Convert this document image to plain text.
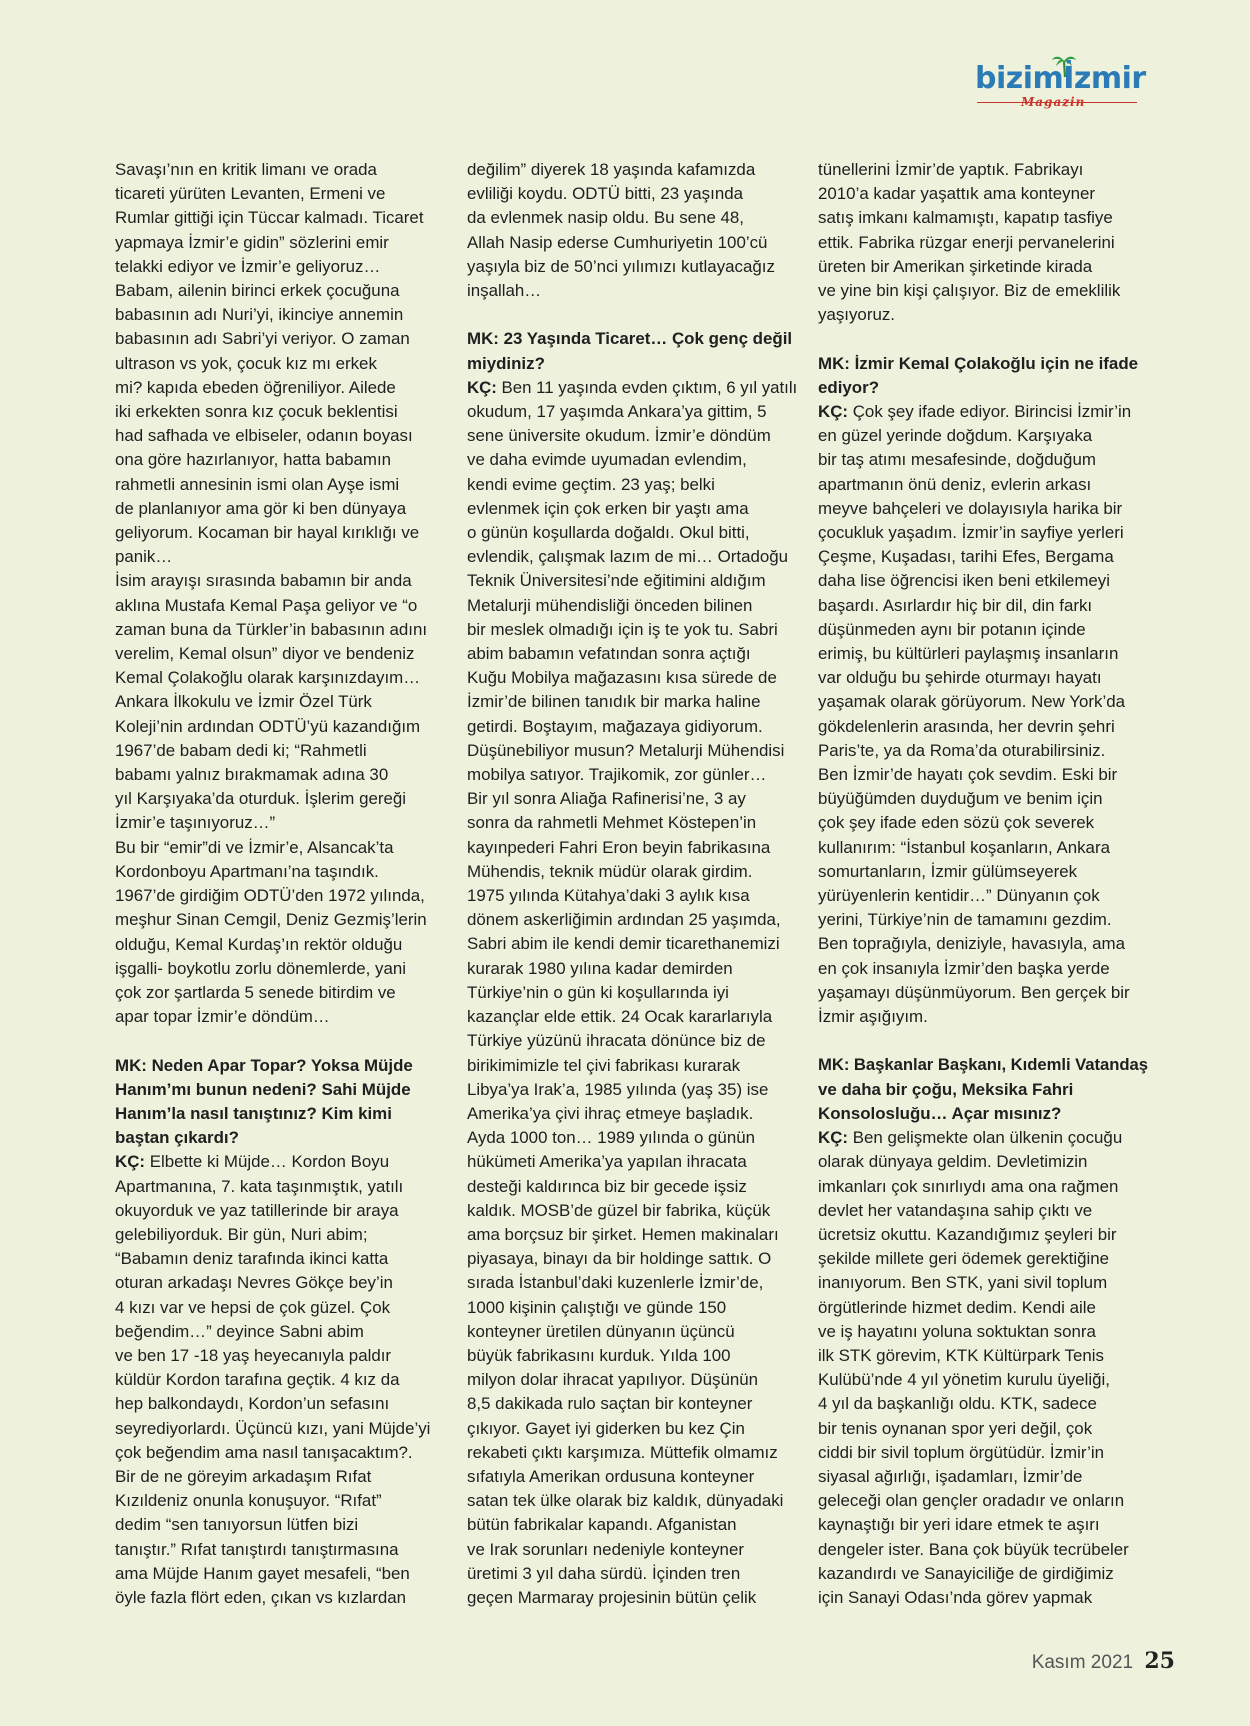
bizimİzmir
Magazin
Savaşı’nın en kritik limanı ve orada
ticareti yürüten Levanten, Ermeni ve
Rumlar gittiği için Tüccar kalmadı. Ticaret
yapmaya İzmir’e gidin” sözlerini emir
telakki ediyor ve İzmir’e geliyoruz…
Babam, ailenin birinci erkek çocuğuna
babasının adı Nuri’yi, ikinciye annemin
babasının adı Sabri’yi veriyor. O zaman
ultrason vs yok, çocuk kız mı erkek
mi? kapıda ebeden öğreniliyor. Ailede
iki erkekten sonra kız çocuk beklentisi
had safhada ve elbiseler, odanın boyası
ona göre hazırlanıyor, hatta babamın
rahmetli annesinin ismi olan Ayşe ismi
de planlanıyor ama gör ki ben dünyaya
geliyorum. Kocaman bir hayal kırıklığı ve
panik…
İsim arayışı sırasında babamın bir anda
aklına Mustafa Kemal Paşa geliyor ve “o
zaman buna da Türkler’in babasının adını
verelim, Kemal olsun” diyor ve bendeniz
Kemal Çolakoğlu olarak karşınızdayım…
Ankara İlkokulu ve İzmir Özel Türk
Koleji’nin ardından ODTÜ’yü kazandığım
1967’de babam dedi ki; “Rahmetli
babamı yalnız bırakmamak adına 30
yıl Karşıyaka’da oturduk. İşlerim gereği
İzmir’e taşınıyoruz…”
Bu bir “emir”di ve İzmir’e, Alsancak’ta
Kordonboyu Apartmanı’na taşındık.
1967’de girdiğim ODTÜ’den 1972 yılında,
meşhur Sinan Cemgil, Deniz Gezmiş’lerin
olduğu, Kemal Kurdaş’ın rektör olduğu
işgalli- boykotlu zorlu dönemlerde, yani
çok zor şartlarda 5 senede bitirdim ve
apar topar İzmir’e döndüm…
MK: Neden Apar Topar? Yoksa Müjde
Hanım’mı bunun nedeni? Sahi Müjde
Hanım’la nasıl tanıştınız? Kim kimi
baştan çıkardı?
KÇ: Elbette ki Müjde… Kordon Boyu
Apartmanına, 7. kata taşınmıştık, yatılı
okuyorduk ve yaz tatillerinde bir araya
gelebiliyorduk. Bir gün, Nuri abim;
“Babamın deniz tarafında ikinci katta
oturan arkadaşı Nevres Gökçe bey’in
4 kızı var ve hepsi de çok güzel. Çok
beğendim…” deyince Sabni abim
ve ben 17 -18 yaş heyecanıyla paldır
küldür Kordon tarafına geçtik. 4 kız da
hep balkondaydı, Kordon’un sefasını
seyrediyorlardı. Üçüncü kızı, yani Müjde’yi
çok beğendim ama nasıl tanışacaktım?.
Bir de ne göreyim arkadaşım Rıfat
Kızıldeniz onunla konuşuyor. “Rıfat”
dedim “sen tanıyorsun lütfen bizi
tanıştır.” Rıfat tanıştırdı tanıştırmasına
ama Müjde Hanım gayet mesafeli, “ben
öyle fazla flört eden, çıkan vs kızlardan
değilim” diyerek 18 yaşında kafamızda
evliliği koydu. ODTÜ bitti, 23 yaşında
da evlenmek nasip oldu. Bu sene 48,
Allah Nasip ederse Cumhuriyetin 100’cü
yaşıyla biz de 50’nci yılımızı kutlayacağız
inşallah…
MK: 23 Yaşında Ticaret… Çok genç değil
miydiniz?
KÇ: Ben 11 yaşında evden çıktım, 6 yıl yatılı
okudum, 17 yaşımda Ankara’ya gittim, 5
sene üniversite okudum. İzmir’e döndüm
ve daha evimde uyumadan evlendim,
kendi evime geçtim. 23 yaş; belki
evlenmek için çok erken bir yaştı ama
o günün koşullarda doğaldı. Okul bitti,
evlendik, çalışmak lazım de mi… Ortadoğu
Teknik Üniversitesi’nde eğitimini aldığım
Metalurji mühendisliği önceden bilinen
bir meslek olmadığı için iş te yok tu. Sabri
abim babamın vefatından sonra açtığı
Kuğu Mobilya mağazasını kısa sürede de
İzmir’de bilinen tanıdık bir marka haline
getirdi. Boştayım, mağazaya gidiyorum.
Düşünebiliyor musun? Metalurji Mühendisi
mobilya satıyor. Trajikomik, zor günler…
Bir yıl sonra Aliağa Rafinerisi’ne, 3 ay
sonra da rahmetli Mehmet Köstepen’in
kayınpederi Fahri Eron beyin fabrikasına
Mühendis, teknik müdür olarak girdim.
1975 yılında Kütahya’daki 3 aylık kısa
dönem askerliğimin ardından 25 yaşımda,
Sabri abim ile kendi demir ticarethanemizi
kurarak 1980 yılına kadar demirden
Türkiye’nin o gün ki koşullarında iyi
kazançlar elde ettik. 24 Ocak kararlarıyla
Türkiye yüzünü ihracata dönünce biz de
birikimimizle tel çivi fabrikası kurarak
Libya’ya Irak’a, 1985 yılında (yaş 35) ise
Amerika’ya çivi ihraç etmeye başladık.
Ayda 1000 ton… 1989 yılında o günün
hükümeti Amerika’ya yapılan ihracata
desteği kaldırınca biz bir gecede işsiz
kaldık. MOSB’de güzel bir fabrika, küçük
ama borçsuz bir şirket. Hemen makinaları
piyasaya, binayı da bir holdinge sattık. O
sırada İstanbul’daki kuzenlerle İzmir’de,
1000 kişinin çalıştığı ve günde 150
konteyner üretilen dünyanın üçüncü
büyük fabrikasını kurduk. Yılda 100
milyon dolar ihracat yapılıyor. Düşünün
8,5 dakikada rulo saçtan bir konteyner
çıkıyor. Gayet iyi giderken bu kez Çin
rekabeti çıktı karşımıza. Müttefik olmamız
sıfatıyla Amerikan ordusuna konteyner
satan tek ülke olarak biz kaldık, dünyadaki
bütün fabrikalar kapandı. Afganistan
ve Irak sorunları nedeniyle konteyner
üretimi 3 yıl daha sürdü. İçinden tren
geçen Marmaray projesinin bütün çelik
tünellerini İzmir’de yaptık. Fabrikayı
2010’a kadar yaşattık ama konteyner
satış imkanı kalmamıştı, kapatıp tasfiye
ettik. Fabrika rüzgar enerji pervanelerini
üreten bir Amerikan şirketinde kirada
ve yine bin kişi çalışıyor. Biz de emeklilik
yaşıyoruz.
MK: İzmir Kemal Çolakoğlu için ne ifade
ediyor?
KÇ: Çok şey ifade ediyor. Birincisi İzmir’in
en güzel yerinde doğdum. Karşıyaka
bir taş atımı mesafesinde, doğduğum
apartmanın önü deniz, evlerin arkası
meyve bahçeleri ve dolayısıyla harika bir
çocukluk yaşadım. İzmir’in sayfiye yerleri
Çeşme, Kuşadası, tarihi Efes, Bergama
daha lise öğrencisi iken beni etkilemeyi
başardı. Asırlardır hiç bir dil, din farkı
düşünmeden aynı bir potanın içinde
erimiş, bu kültürleri paylaşmış insanların
var olduğu bu şehirde oturmayı hayatı
yaşamak olarak görüyorum. New York’da
gökdelenlerin arasında, her devrin şehri
Paris’te, ya da Roma’da oturabilirsiniz.
Ben İzmir’de hayatı çok sevdim. Eski bir
büyüğümden duyduğum ve benim için
çok şey ifade eden sözü çok severek
kullanırım: “İstanbul koşanların, Ankara
somurtanların, İzmir gülümseyerek
yürüyenlerin kentidir…” Dünyanın çok
yerini, Türkiye’nin de tamamını gezdim.
Ben toprağıyla, deniziyle, havasıyla, ama
en çok insanıyla İzmir’den başka yerde
yaşamayı düşünmüyorum. Ben gerçek bir
İzmir aşığıyım.
MK: Başkanlar Başkanı, Kıdemli Vatandaş
ve daha bir çoğu, Meksika Fahri
Konsolosluğu… Açar mısınız?
KÇ: Ben gelişmekte olan ülkenin çocuğu
olarak dünyaya geldim. Devletimizin
imkanları çok sınırlıydı ama ona rağmen
devlet her vatandaşına sahip çıktı ve
ücretsiz okuttu. Kazandığımız şeyleri bir
şekilde millete geri ödemek gerektiğine
inanıyorum. Ben STK, yani sivil toplum
örgütlerinde hizmet dedim. Kendi aile
ve iş hayatını yoluna soktuktan sonra
ilk STK görevim, KTK Kültürpark Tenis
Kulübü’nde 4 yıl yönetim kurulu üyeliği,
4 yıl da başkanlığı oldu. KTK, sadece
bir tenis oynanan spor yeri değil, çok
ciddi bir sivil toplum örgütüdür. İzmir’in
siyasal ağırlığı, işadamları, İzmir’de
geleceği olan gençler oradadır ve onların
kaynaştığı bir yeri idare etmek te aşırı
dengeler ister. Bana çok büyük tecrübeler
kazandırdı ve Sanayiciliğe de girdiğimiz
için Sanayi Odası’nda görev yapmak
Kasım 2021 25
